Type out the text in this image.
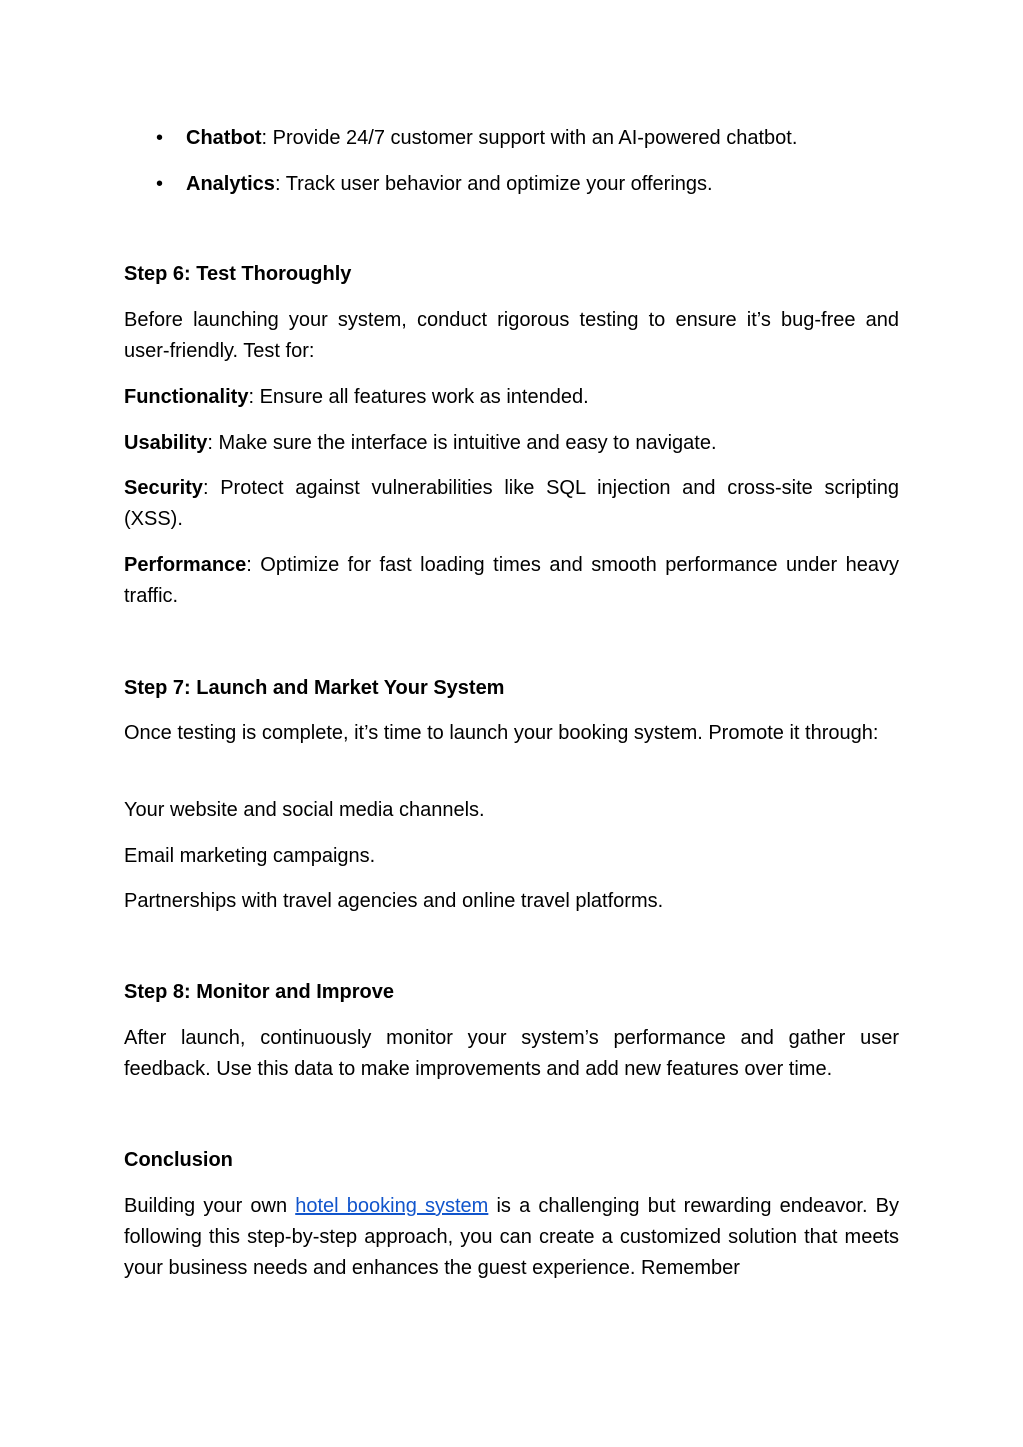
• Chatbot: Provide 24/7 customer support with an AI-powered chatbot.
• Analytics: Track user behavior and optimize your offerings.
Step 6: Test Thoroughly

Before launching your system, conduct rigorous testing to ensure it’s bug-free and user-friendly. Test for:

Functionality: Ensure all features work as intended.

Usability: Make sure the interface is intuitive and easy to navigate.

Security: Protect against vulnerabilities like SQL injection and cross-site scripting (XSS).

Performance: Optimize for fast loading times and smooth performance under heavy traffic.

Step 7: Launch and Market Your System

Once testing is complete, it’s time to launch your booking system. Promote it through:

Your website and social media channels.

Email marketing campaigns.

Partnerships with travel agencies and online travel platforms.

Step 8: Monitor and Improve

After launch, continuously monitor your system’s performance and gather user feedback. Use this data to make improvements and add new features over time.

Conclusion

Building your own hotel booking system is a challenging but rewarding endeavor. By following this step-by-step approach, you can create a customized solution that meets your business needs and enhances the guest experience. Remember
